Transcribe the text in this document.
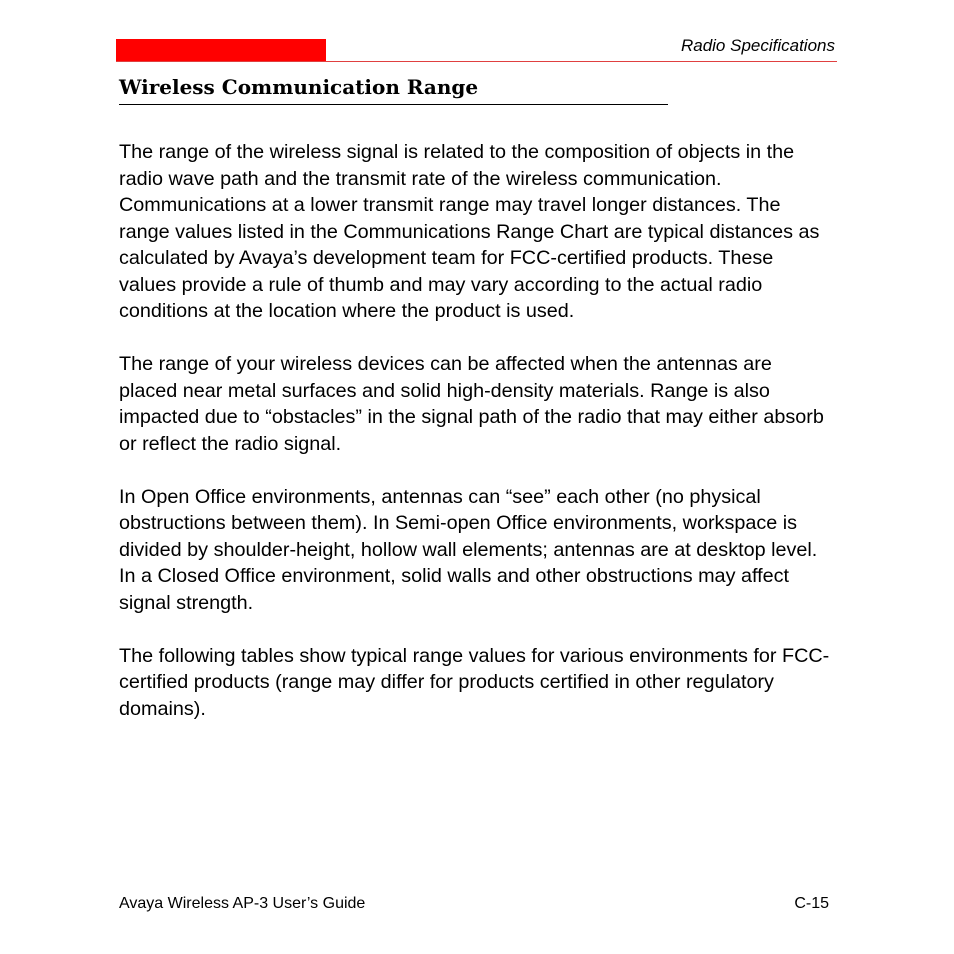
Radio Specifications
Wireless Communication Range

The range of the wireless signal is related to the composition of objects in the radio wave path and the transmit rate of the wireless communication. Communications at a lower transmit range may travel longer distances. The range values listed in the Communications Range Chart are typical distances as calculated by Avaya’s development team for FCC-certified products. These values provide a rule of thumb and may vary according to the actual radio conditions at the location where the product is used.

The range of your wireless devices can be affected when the antennas are placed near metal surfaces and solid high-density materials. Range is also impacted due to “obstacles” in the signal path of the radio that may either absorb or reflect the radio signal.

In Open Office environments, antennas can “see” each other (no physical obstructions between them). In Semi-open Office environments, workspace is divided by shoulder-height, hollow wall elements; antennas are at desktop level. In a Closed Office environment, solid walls and other obstructions may affect signal strength.

The following tables show typical range values for various environments for FCC-certified products (range may differ for products certified in other regulatory domains).

Avaya Wireless AP-3 User’s Guide	C-15
